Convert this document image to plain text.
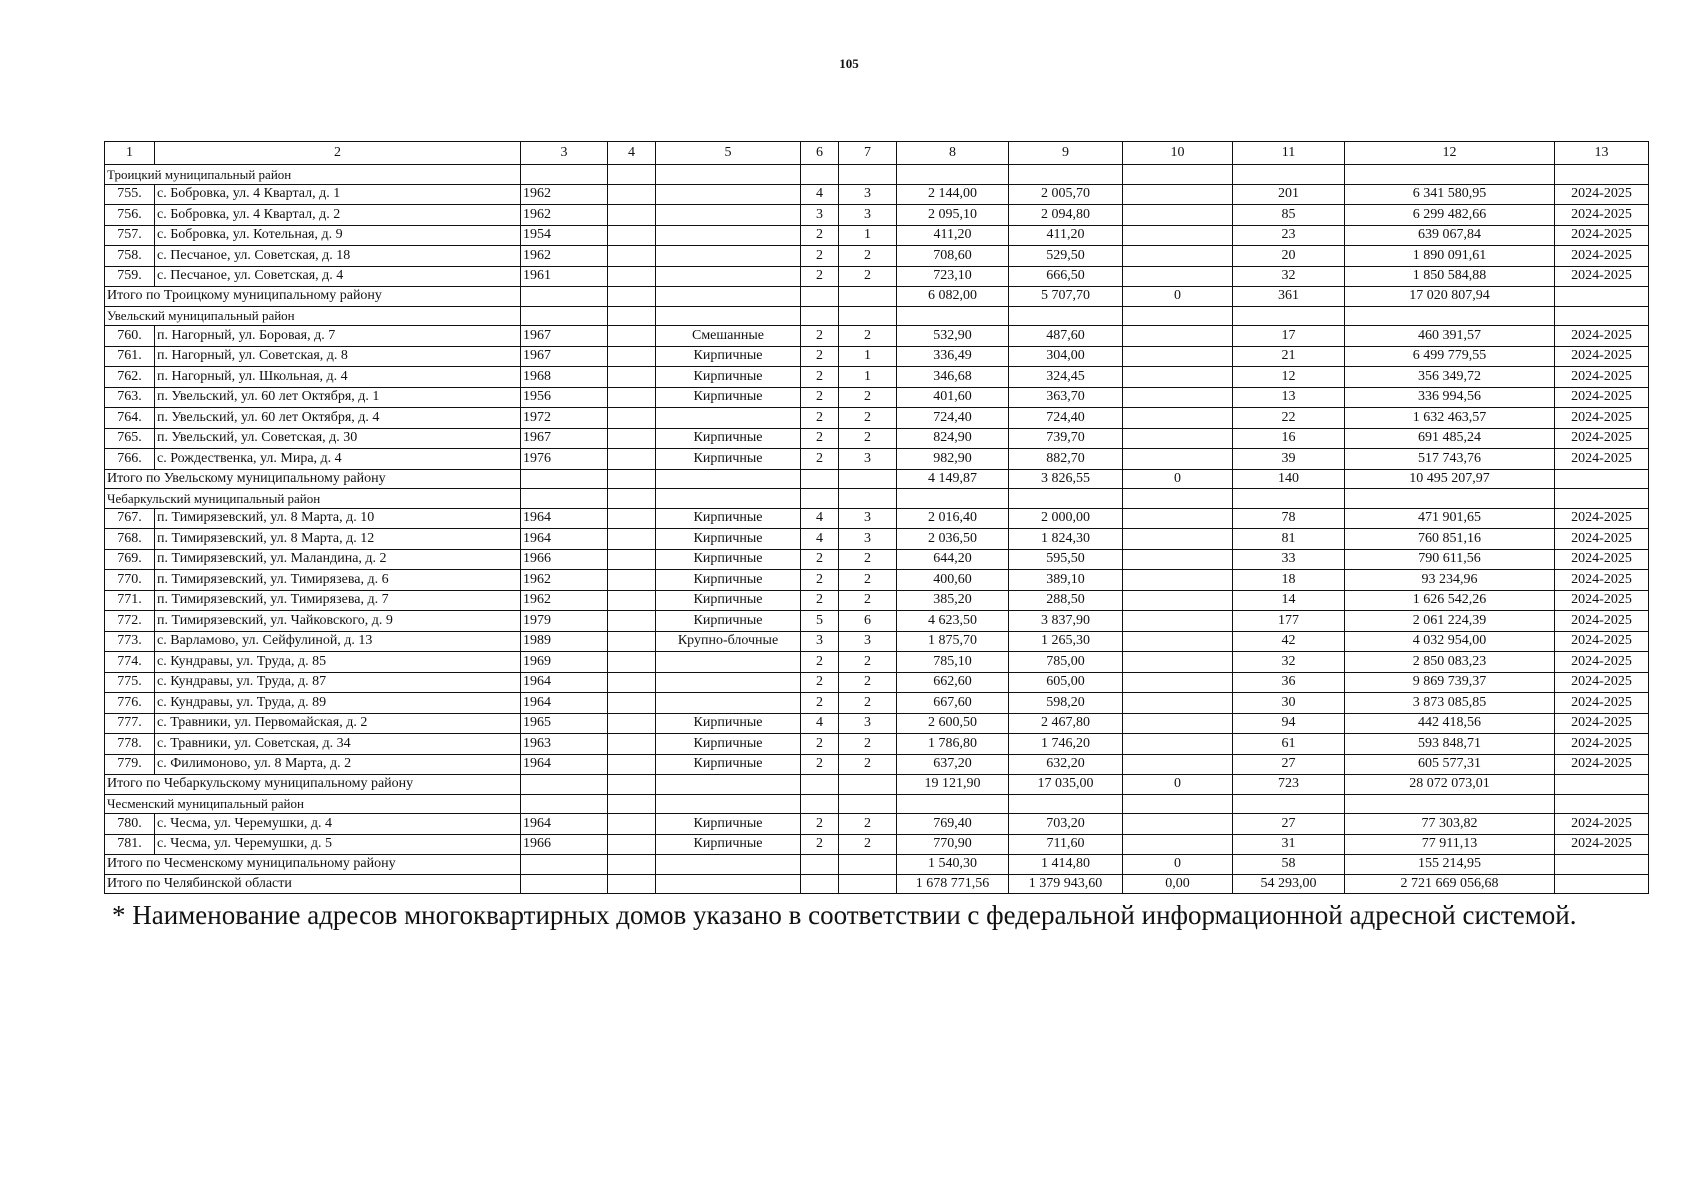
105
1	2	3	4	5	6	7	8	9	10	11	12	13
Троицкий муниципальный район												
755.	с. Бобровка, ул. 4 Квартал, д. 1	1962			4	3	2 144,00	2 005,70		201	6 341 580,95	2024-2025
756.	с. Бобровка, ул. 4 Квартал, д. 2	1962			3	3	2 095,10	2 094,80		85	6 299 482,66	2024-2025
757.	с. Бобровка, ул. Котельная, д. 9	1954			2	1	411,20	411,20		23	639 067,84	2024-2025
758.	с. Песчаное, ул. Советская, д. 18	1962			2	2	708,60	529,50		20	1 890 091,61	2024-2025
759.	с. Песчаное, ул. Советская, д. 4	1961			2	2	723,10	666,50		32	1 850 584,88	2024-2025
Итого по Троицкому муниципальному району							6 082,00	5 707,70	0	361	17 020 807,94	
Увельский муниципальный район												
760.	п. Нагорный, ул. Боровая, д. 7	1967		Смешанные	2	2	532,90	487,60		17	460 391,57	2024-2025
761.	п. Нагорный, ул. Советская, д. 8	1967		Кирпичные	2	1	336,49	304,00		21	6 499 779,55	2024-2025
762.	п. Нагорный, ул. Школьная, д. 4	1968		Кирпичные	2	1	346,68	324,45		12	356 349,72	2024-2025
763.	п. Увельский, ул. 60 лет Октября, д. 1	1956		Кирпичные	2	2	401,60	363,70		13	336 994,56	2024-2025
764.	п. Увельский, ул. 60 лет Октября, д. 4	1972			2	2	724,40	724,40		22	1 632 463,57	2024-2025
765.	п. Увельский, ул. Советская, д. 30	1967		Кирпичные	2	2	824,90	739,70		16	691 485,24	2024-2025
766.	с. Рождественка, ул. Мира, д. 4	1976		Кирпичные	2	3	982,90	882,70		39	517 743,76	2024-2025
Итого по Увельскому муниципальному району							4 149,87	3 826,55	0	140	10 495 207,97	
Чебаркульский муниципальный район												
767.	п. Тимирязевский, ул. 8 Марта, д. 10	1964		Кирпичные	4	3	2 016,40	2 000,00		78	471 901,65	2024-2025
768.	п. Тимирязевский, ул. 8 Марта, д. 12	1964		Кирпичные	4	3	2 036,50	1 824,30		81	760 851,16	2024-2025
769.	п. Тимирязевский, ул. Маландина, д. 2	1966		Кирпичные	2	2	644,20	595,50		33	790 611,56	2024-2025
770.	п. Тимирязевский, ул. Тимирязева, д. 6	1962		Кирпичные	2	2	400,60	389,10		18	93 234,96	2024-2025
771.	п. Тимирязевский, ул. Тимирязева, д. 7	1962		Кирпичные	2	2	385,20	288,50		14	1 626 542,26	2024-2025
772.	п. Тимирязевский, ул. Чайковского, д. 9	1979		Кирпичные	5	6	4 623,50	3 837,90		177	2 061 224,39	2024-2025
773.	с. Варламово, ул. Сейфулиной, д. 13	1989		Крупно-блочные	3	3	1 875,70	1 265,30		42	4 032 954,00	2024-2025
774.	с. Кундравы, ул. Труда, д. 85	1969			2	2	785,10	785,00		32	2 850 083,23	2024-2025
775.	с. Кундравы, ул. Труда, д. 87	1964			2	2	662,60	605,00		36	9 869 739,37	2024-2025
776.	с. Кундравы, ул. Труда, д. 89	1964			2	2	667,60	598,20		30	3 873 085,85	2024-2025
777.	с. Травники, ул. Первомайская, д. 2	1965		Кирпичные	4	3	2 600,50	2 467,80		94	442 418,56	2024-2025
778.	с. Травники, ул. Советская, д. 34	1963		Кирпичные	2	2	1 786,80	1 746,20		61	593 848,71	2024-2025
779.	с. Филимоново, ул. 8 Марта, д. 2	1964		Кирпичные	2	2	637,20	632,20		27	605 577,31	2024-2025
Итого по Чебаркульскому муниципальному району							19 121,90	17 035,00	0	723	28 072 073,01	
Чесменский муниципальный район												
780.	с. Чесма, ул. Черемушки, д. 4	1964		Кирпичные	2	2	769,40	703,20		27	77 303,82	2024-2025
781.	с. Чесма, ул. Черемушки, д. 5	1966		Кирпичные	2	2	770,90	711,60		31	77 911,13	2024-2025
Итого по Чесменскому муниципальному району							1 540,30	1 414,80	0	58	155 214,95	
Итого по Челябинской области							1 678 771,56	1 379 943,60	0,00	54 293,00	2 721 669 056,68	
* Наименование адресов многоквартирных домов указано в соответствии с федеральной информационной адресной системой.
